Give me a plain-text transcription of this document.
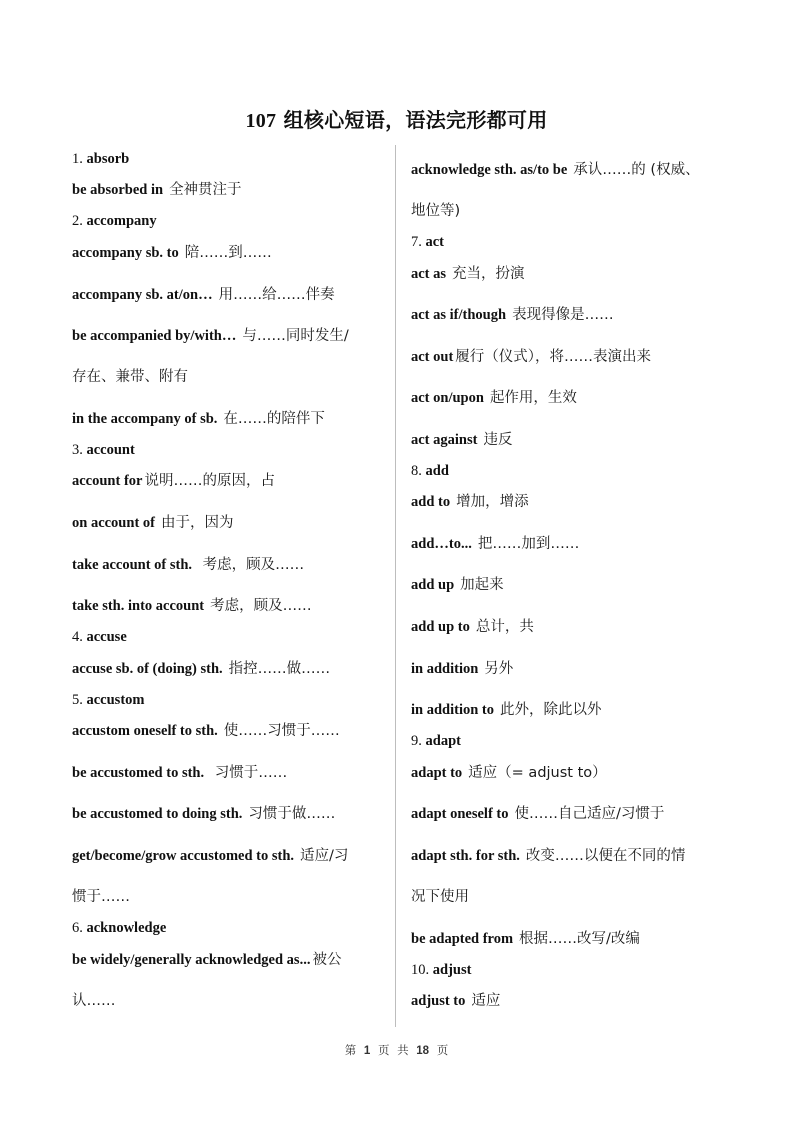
107 组核心短语，语法完形都可用
1. absorb
be absorbed in 全神贯注于
2. accompany
accompany sb. to 陪……到……
accompany sb. at/on… 用……给……伴奏
be accompanied by/with… 与……同时发生/
存在、兼带、附有
in the accompany of sb. 在……的陪伴下
3. account
account for 说明……的原因，占
on account of 由于，因为
take account of sth. 考虑，顾及……
take sth. into account 考虑，顾及……
4. accuse
accuse sb. of (doing) sth. 指控……做……
5. accustom
accustom oneself to sth. 使……习惯于……
be accustomed to sth. 习惯于……
be accustomed to doing sth. 习惯于做……
get/become/grow accustomed to sth. 适应/习
惯于……
6. acknowledge
be widely/generally acknowledged as... 被公
认……
acknowledge sth. as/to be 承认……的 (权威、
地位等)
7. act
act as 充当，扮演
act as if/though 表现得像是……
act out 履行（仪式），将……表演出来
act on/upon 起作用，生效
act against 违反
8. add
add to 增加，增添
add…to... 把……加到……
add up 加起来
add up to 总计，共
in addition 另外
in addition to 此外，除此以外
9. adapt
adapt to 适应（= adjust to）
adapt oneself to 使……自己适应/习惯于
adapt sth. for sth. 改变……以便在不同的情
况下使用
be adapted from 根据……改写/改编
10. adjust
adjust to 适应
第 1 页 共 18 页
